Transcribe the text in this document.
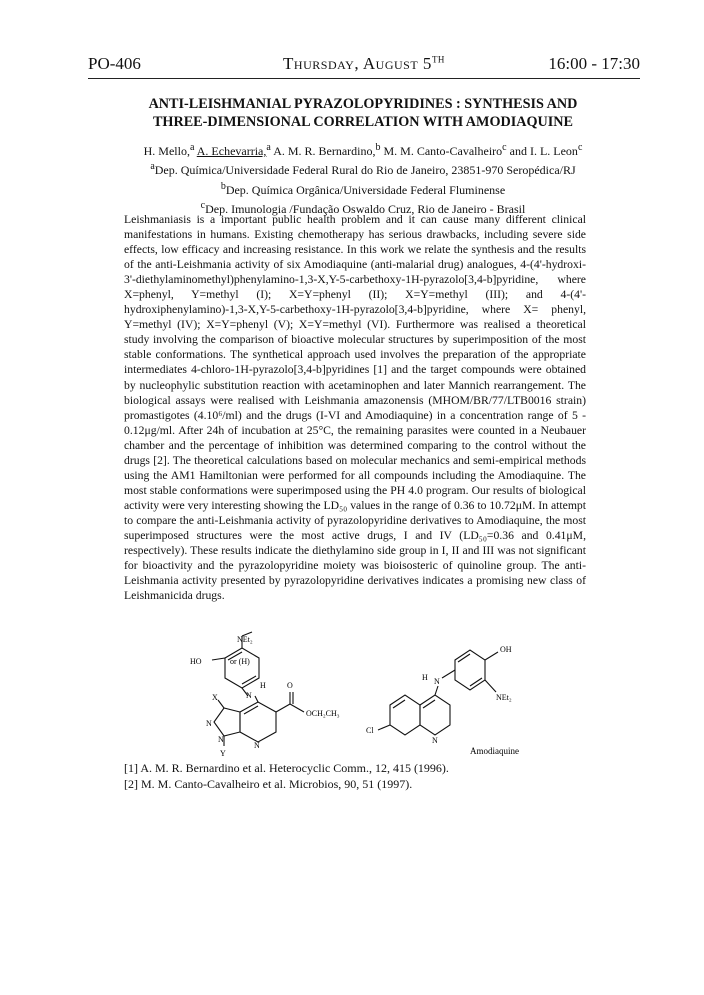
PO-406	Thursday, August 5TH	16:00 - 17:30
ANTI-LEISHMANIAL PYRAZOLOPYRIDINES : SYNTHESIS AND
THREE-DIMENSIONAL CORRELATION WITH AMODIAQUINE
H. Mello,$^a$ A. Echevarria,$^a$ A. M. R. Bernardino,$^b$ M. M. Canto-Cavalheiro$^c$ and I. L. Leon$^c$
$^a$Dep. Química/Universidade Federal Rural do Rio de Janeiro, 23851-970 Seropédica/RJ
$^b$Dep. Química Orgânica/Universidade Federal Fluminense
$^c$Dep. Imunologia /Fundação Oswaldo Cruz, Rio de Janeiro - Brasil

Leishmaniasis is a important public health problem and it can cause many different clinical manifestations in humans. Existing chemotherapy has serious drawbacks, including severe side effects, low efficacy and increasing resistance. In this work we relate the synthesis and the results of the anti-Leishmania activity of six Amodiaquine (anti-malarial drug) analogues, 4-(4'-hydroxi-3'-diethylaminomethyl)phenylamino-1,3-X,Y-5-carbethoxy-1H-pyrazolo[3,4-b]pyridine, where X=phenyl, Y=methyl (I); X=Y=phenyl (II); X=Y=methyl (III); and 4-(4'-hydroxiphenylamino)-1,3-X,Y-5-carbethoxy-1H-pyrazolo[3,4-b]pyridine, where X= phenyl, Y=methyl (IV); X=Y=phenyl (V); X=Y=methyl (VI). Furthermore was realised a theoretical study involving the comparison of bioactive molecular structures by superimposition of the most stable conformations. The synthetical approach used involves the preparation of the appropriate intermediates 4-chloro-1H-pyrazolo[3,4-b]pyridines [1] and the target compounds were obtained by nucleophylic substitution reaction with acetaminophen and later Mannich rearrangement. The biological assays were realised with Leishmania amazonensis (MHOM/BR/77/LTB0016 strain) promastigotes (4.10⁶/ml) and the drugs (I-VI and Amodiaquine) in a concentration range of 5 - 0.12μg/ml. After 24h of incubation at 25°C, the remaining parasites were counted in a Neubauer chamber and the percentage of inhibition was determined comparing to the control without the drugs [2]. The theoretical calculations based on molecular mechanics and semi-empirical methods using the AM1 Hamiltonian were performed for all compounds including the Amodiaquine. The most stable conformations were superimposed using the PH 4.0 program. Our results of biological activity were very interesting showing the LD₅₀ values in the range of 0.36 to 10.72μM. In attempt to compare the anti-Leishmania activity of pyrazolopyridine derivatives to Amodiaquine, the most superimposed structures were the most active drugs, I and IV (LD₅₀=0.36 and 0.41μM, respectively). These results indicate the diethylamino side group in I, II and III was not significant for bioactivity and the pyrazolopyridine moiety was bioisosteric of quinoline group. The anti-Leishmania activity presented by pyrazolopyridine derivatives indicates a promising new class of Leishmanicida drugs.

NEt₂
or (H)
HO
N
H
X
O
OCH₂CH₃
N
N
N
Y
OH
H N
NEt₂
Cl
N
Amodiaquine

[1] A. M. R. Bernardino et al. Heterocyclic Comm., 12, 415 (1996).

[2] M. M. Canto-Cavalheiro et al. Microbios, 90, 51 (1997).
